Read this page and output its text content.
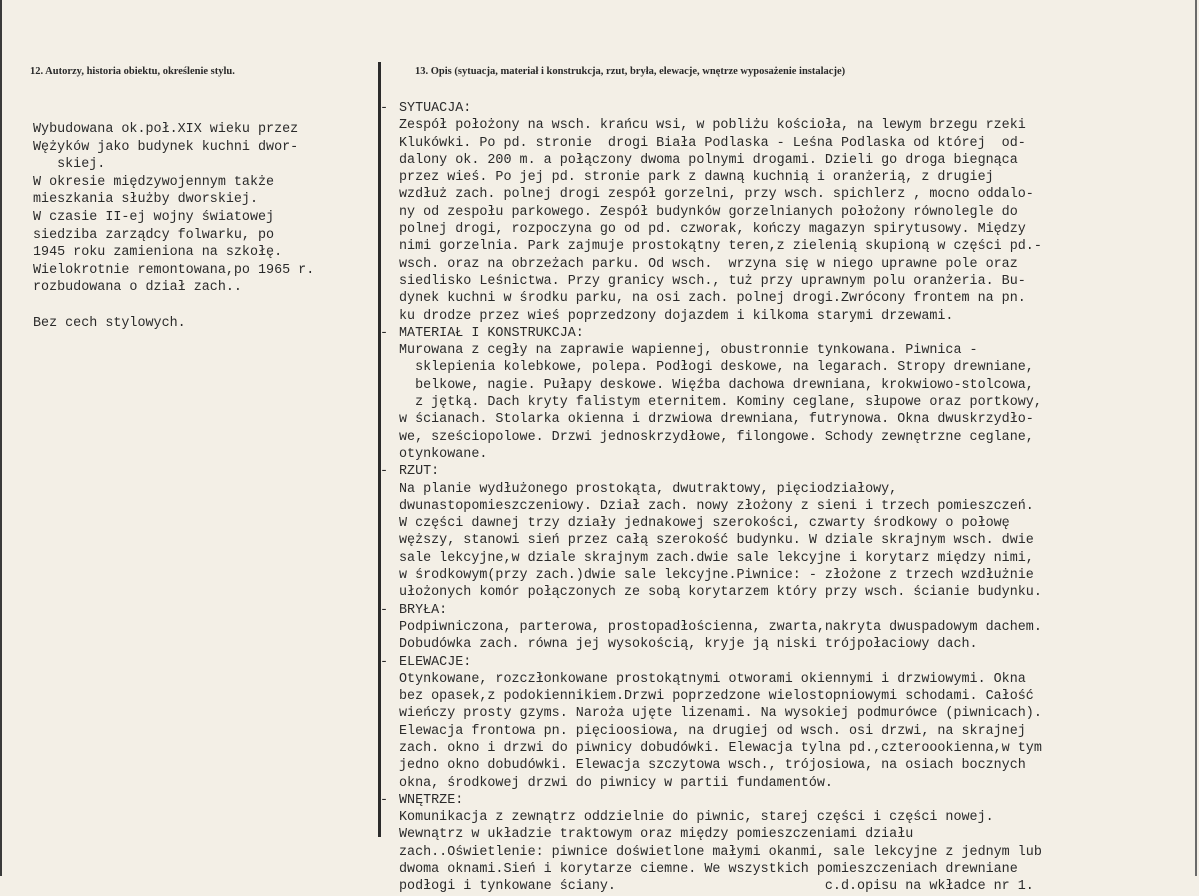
12. Autorzy, historia obiektu, określenie stylu.	13. Opis (sytuacja, materiał i konstrukcja, rzut, bryła, elewacje, wnętrze wyposażenie instalacje)
Wybudowana ok.poł.XIX wieku przez
Wężyków jako budynek kuchni dwor-
skiej.
W okresie międzywojennym także
mieszkania służby dworskiej.
W czasie II-ej wojny światowej
siedziba zarządcy folwarku, po
1945 roku zamieniona na szkołę.
Wielokrotnie remontowana,po 1965 r.
rozbudowana o dział zach..
Bez cech stylowych.
- SYTUACJA:
Zespół położony na wsch. krańcu wsi, w pobliżu kościoła, na lewym brzegu rzeki
Klukówki. Po pd. stronie  drogi Biała Podlaska - Leśna Podlaska od której  od-
dalony ok. 200 m. a połączony dwoma polnymi drogami. Dzieli go droga biegnąca
przez wieś. Po jej pd. stronie park z dawną kuchnią i oranżerią, z drugiej
wzdłuż zach. polnej drogi zespół gorzelni, przy wsch. spichlerz , mocno oddalo-
ny od zespołu parkowego. Zespół budynków gorzelnianych położony równolegle do
polnej drogi, rozpoczyna go od pd. czworak, kończy magazyn spirytusowy. Między
nimi gorzelnia. Park zajmuje prostokątny teren,z zielenią skupioną w części pd.-
wsch. oraz na obrzeżach parku. Od wsch.  wrzyna się w niego uprawne pole oraz
siedlisko Leśnictwa. Przy granicy wsch., tuż przy uprawnym polu oranżeria. Bu-
dynek kuchni w środku parku, na osi zach. polnej drogi.Zwrócony frontem na pn.
ku drodze przez wieś poprzedzony dojazdem i kilkoma starymi drzewami.
- MATERIAŁ I KONSTRUKCJA:
Murowana z cegły na zaprawie wapiennej, obustronnie tynkowana. Piwnica -
sklepienia kolebkowe, polepa. Podłogi deskowe, na legarach. Stropy drewniane,
belkowe, nagie. Pułapy deskowe. Więźba dachowa drewniana, krokwiowo-stolcowa,
z jętką. Dach kryty falistym eternitem. Kominy ceglane, słupowe oraz portkowy,
w ścianach. Stolarka okienna i drzwiowa drewniana, futrynowa. Okna dwuskrzydło-
we, sześciopolowe. Drzwi jednoskrzydłowe, filongowe. Schody zewnętrzne ceglane,
otynkowane.
- RZUT:
Na planie wydłużonego prostokąta, dwutraktowy, pięciodziałowy,
dwunastopomieszczeniowy. Dział zach. nowy złożony z sieni i trzech pomieszczeń.
W części dawnej trzy działy jednakowej szerokości, czwarty środkowy o połowę
węższy, stanowi sień przez całą szerokość budynku. W dziale skrajnym wsch. dwie
sale lekcyjne,w dziale skrajnym zach.dwie sale lekcyjne i korytarz między nimi,
w środkowym(przy zach.)dwie sale lekcyjne.Piwnice: - złożone z trzech wzdłużnie
ułożonych komór połączonych ze sobą korytarzem który przy wsch. ścianie budynku.
- BRYŁA:
Podpiwniczona, parterowa, prostopadłościenna, zwarta,nakryta dwuspadowym dachem.
Dobudówka zach. równa jej wysokością, kryje ją niski trójpołaciowy dach.
- ELEWACJE:
Otynkowane, rozczłonkowane prostokątnymi otworami okiennymi i drzwiowymi. Okna
bez opasek,z podokiennikiem.Drzwi poprzedzone wielostopniowymi schodami. Całość
wieńczy prosty gzyms. Naroża ujęte lizenami. Na wysokiej podmurówce (piwnicach).
Elewacja frontowa pn. pięcioosiowa, na drugiej od wsch. osi drzwi, na skrajnej
zach. okno i drzwi do piwnicy dobudówki. Elewacja tylna pd.,czteroookienna,w tym
jedno okno dobudówki. Elewacja szczytowa wsch., trójosiowa, na osiach bocznych
okna, środkowej drzwi do piwnicy w partii fundamentów.
- WNĘTRZE:
Komunikacja z zewnątrz oddzielnie do piwnic, starej części i części nowej.
Wewnątrz w układzie traktowym oraz między pomieszczeniami działu
zach..Oświetlenie: piwnice doświetlone małymi okanmi, sale lekcyjne z jednym lub
dwoma oknami.Sień i korytarze ciemne. We wszystkich pomieszczeniach drewniane
podłogi i tynkowane ściany.                          c.d.opisu na wkładce nr 1.
